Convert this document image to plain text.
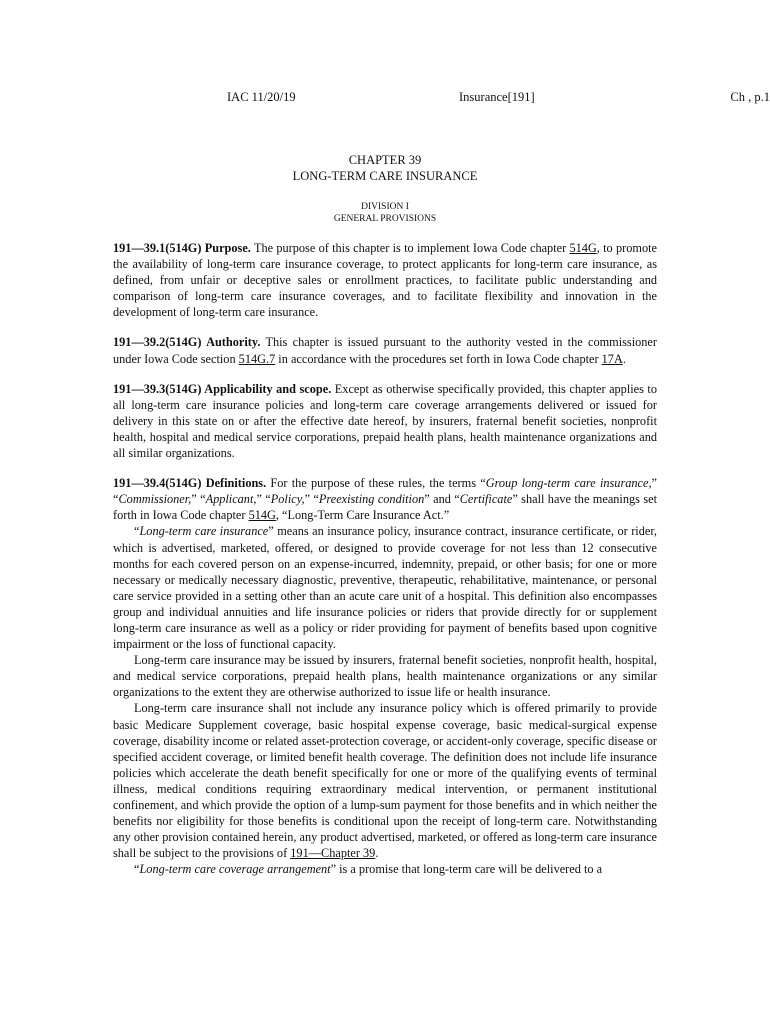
IAC 11/20/19	Insurance[191]	Ch , p.1
CHAPTER 39
LONG-TERM CARE INSURANCE
DIVISION I
GENERAL PROVISIONS

191—39.1(514G) Purpose. The purpose of this chapter is to implement Iowa Code chapter 514G, to promote the availability of long-term care insurance coverage, to protect applicants for long-term care insurance, as defined, from unfair or deceptive sales or enrollment practices, to facilitate public understanding and comparison of long-term care insurance coverages, and to facilitate flexibility and innovation in the development of long-term care insurance.

191—39.2(514G) Authority. This chapter is issued pursuant to the authority vested in the commissioner under Iowa Code section 514G.7 in accordance with the procedures set forth in Iowa Code chapter 17A.

191—39.3(514G) Applicability and scope. Except as otherwise specifically provided, this chapter applies to all long-term care insurance policies and long-term care coverage arrangements delivered or issued for delivery in this state on or after the effective date hereof, by insurers, fraternal benefit societies, nonprofit health, hospital and medical service corporations, prepaid health plans, health maintenance organizations and all similar organizations.

191—39.4(514G) Definitions. For the purpose of these rules, the terms “Group long-term care insurance,” “Commissioner,” “Applicant,” “Policy,” “Preexisting condition” and “Certificate” shall have the meanings set forth in Iowa Code chapter 514G, “Long-Term Care Insurance Act.”

“Long-term care insurance” means an insurance policy, insurance contract, insurance certificate, or rider, which is advertised, marketed, offered, or designed to provide coverage for not less than 12 consecutive months for each covered person on an expense-incurred, indemnity, prepaid, or other basis; for one or more necessary or medically necessary diagnostic, preventive, therapeutic, rehabilitative, maintenance, or personal care service provided in a setting other than an acute care unit of a hospital. This definition also encompasses group and individual annuities and life insurance policies or riders that provide directly for or supplement long-term care insurance as well as a policy or rider providing for payment of benefits based upon cognitive impairment or the loss of functional capacity.

Long-term care insurance may be issued by insurers, fraternal benefit societies, nonprofit health, hospital, and medical service corporations, prepaid health plans, health maintenance organizations or any similar organizations to the extent they are otherwise authorized to issue life or health insurance.

Long-term care insurance shall not include any insurance policy which is offered primarily to provide basic Medicare Supplement coverage, basic hospital expense coverage, basic medical-surgical expense coverage, disability income or related asset-protection coverage, or accident-only coverage, specific disease or specified accident coverage, or limited benefit health coverage. The definition does not include life insurance policies which accelerate the death benefit specifically for one or more of the qualifying events of terminal illness, medical conditions requiring extraordinary medical intervention, or permanent institutional confinement, and which provide the option of a lump-sum payment for those benefits and in which neither the benefits nor eligibility for those benefits is conditional upon the receipt of long-term care. Notwithstanding any other provision contained herein, any product advertised, marketed, or offered as long-term care insurance shall be subject to the provisions of 191—Chapter 39.

“Long-term care coverage arrangement” is a promise that long-term care will be delivered to a
